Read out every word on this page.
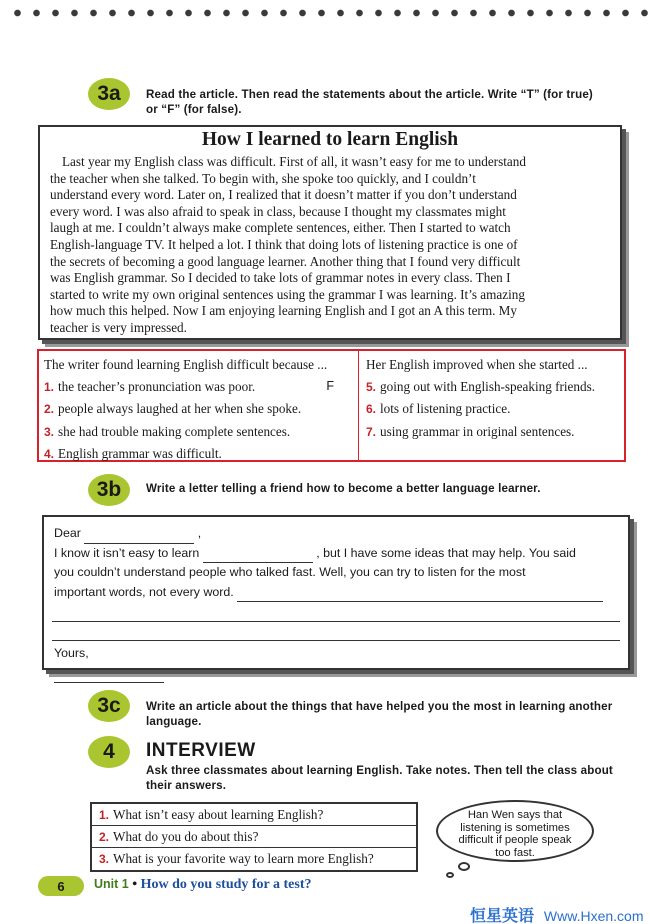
3a	Read the article. Then read the statements about the article. Write “T” (for true) or “F” (for false).
How I learned to learn English
Last year my English class was difficult. First of all, it wasn’t easy for me to understand
the teacher when she talked. To begin with, she spoke too quickly, and I couldn’t
understand every word. Later on, I realized that it doesn’t matter if you don’t understand
every word. I was also afraid to speak in class, because I thought my classmates might
laugh at me. I couldn’t always make complete sentences, either. Then I started to watch
English-language TV. It helped a lot. I think that doing lots of listening practice is one of
the secrets of becoming a good language learner. Another thing that I found very difficult
was English grammar. So I decided to take lots of grammar notes in every class. Then I
started to write my own original sentences using the grammar I was learning. It’s amazing
how much this helped. Now I am enjoying learning English and I got an A this term. My
teacher is very impressed.
The writer found learning English difficult because ...
1. the teacher’s pronunciation was poor.	F
2. people always laughed at her when she spoke.
3. she had trouble making complete sentences.
4. English grammar was difficult.
Her English improved when she started ...
5. going out with English-speaking friends.
6. lots of listening practice.
7. using grammar in original sentences.
3b	Write a letter telling a friend how to become a better language learner.
Dear	,
I know it isn’t easy to learn	, but I have some ideas that may help. You said
you couldn’t understand people who talked fast. Well, you can try to listen for the most
important words, not every word.
Yours,
3c	Write an article about the things that have helped you the most in learning another language.
4	INTERVIEW
Ask three classmates about learning English. Take notes. Then tell the class about their answers.
1. What isn’t easy about learning English?
2. What do you do about this?
3. What is your favorite way to learn more English?
Han Wen says that listening is sometimes difficult if people speak too fast.
6	Unit 1 • How do you study for a test?
恒星英语 Www.Hxen.com
